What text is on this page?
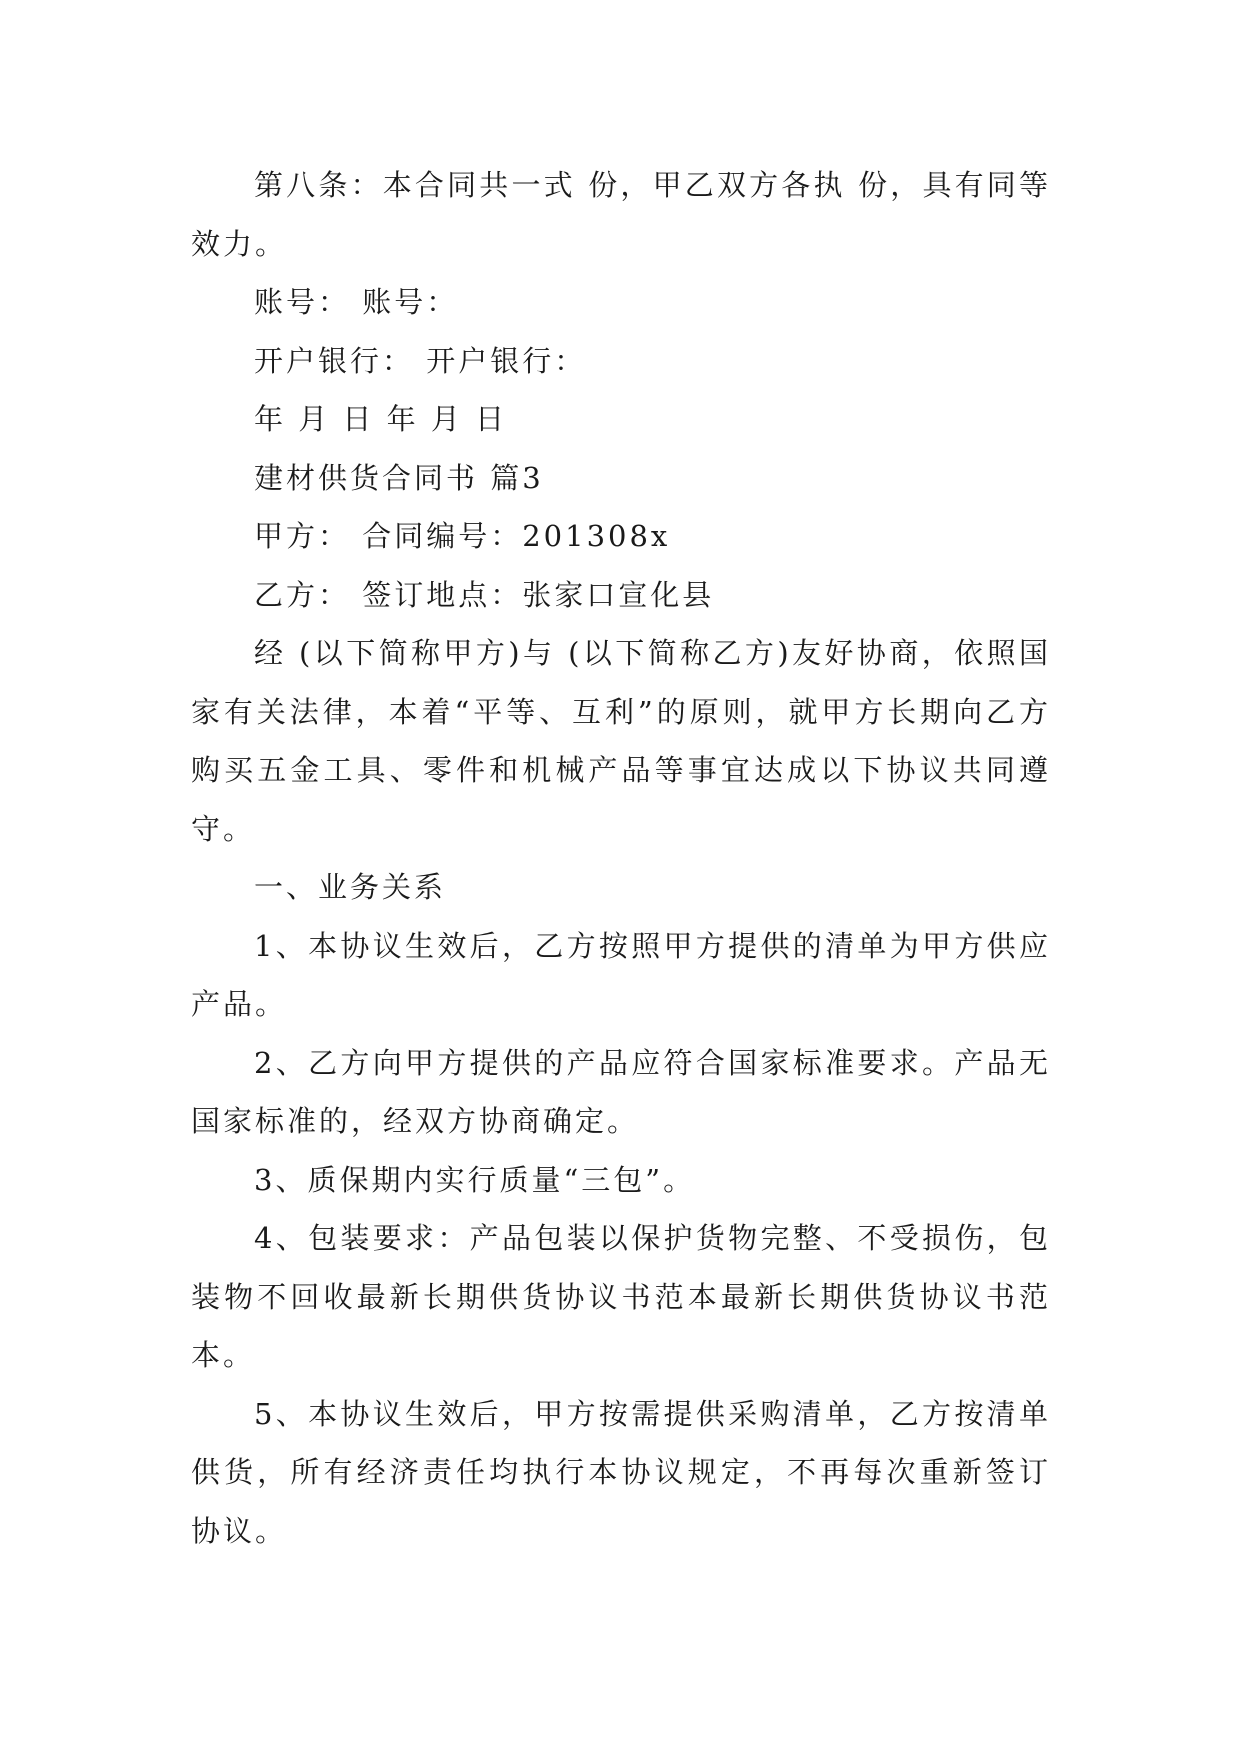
第八条：本合同共一式 份，甲乙双方各执 份，具有同等效力。

账号： 账号：

开户银行： 开户银行：

年 月 日 年 月 日

建材供货合同书 篇3

甲方： 合同编号：201308x

乙方： 签订地点：张家口宣化县

经 (以下简称甲方)与 (以下简称乙方)友好协商，依照国家有关法律，本着“平等、互利”的原则，就甲方长期向乙方购买五金工具、零件和机械产品等事宜达成以下协议共同遵守。

一、业务关系

1、本协议生效后，乙方按照甲方提供的清单为甲方供应产品。

2、乙方向甲方提供的产品应符合国家标准要求。产品无国家标准的，经双方协商确定。

3、质保期内实行质量“三包”。

4、包装要求：产品包装以保护货物完整、不受损伤，包装物不回收最新长期供货协议书范本最新长期供货协议书范本。

5、本协议生效后，甲方按需提供采购清单，乙方按清单供货，所有经济责任均执行本协议规定，不再每次重新签订协议。
